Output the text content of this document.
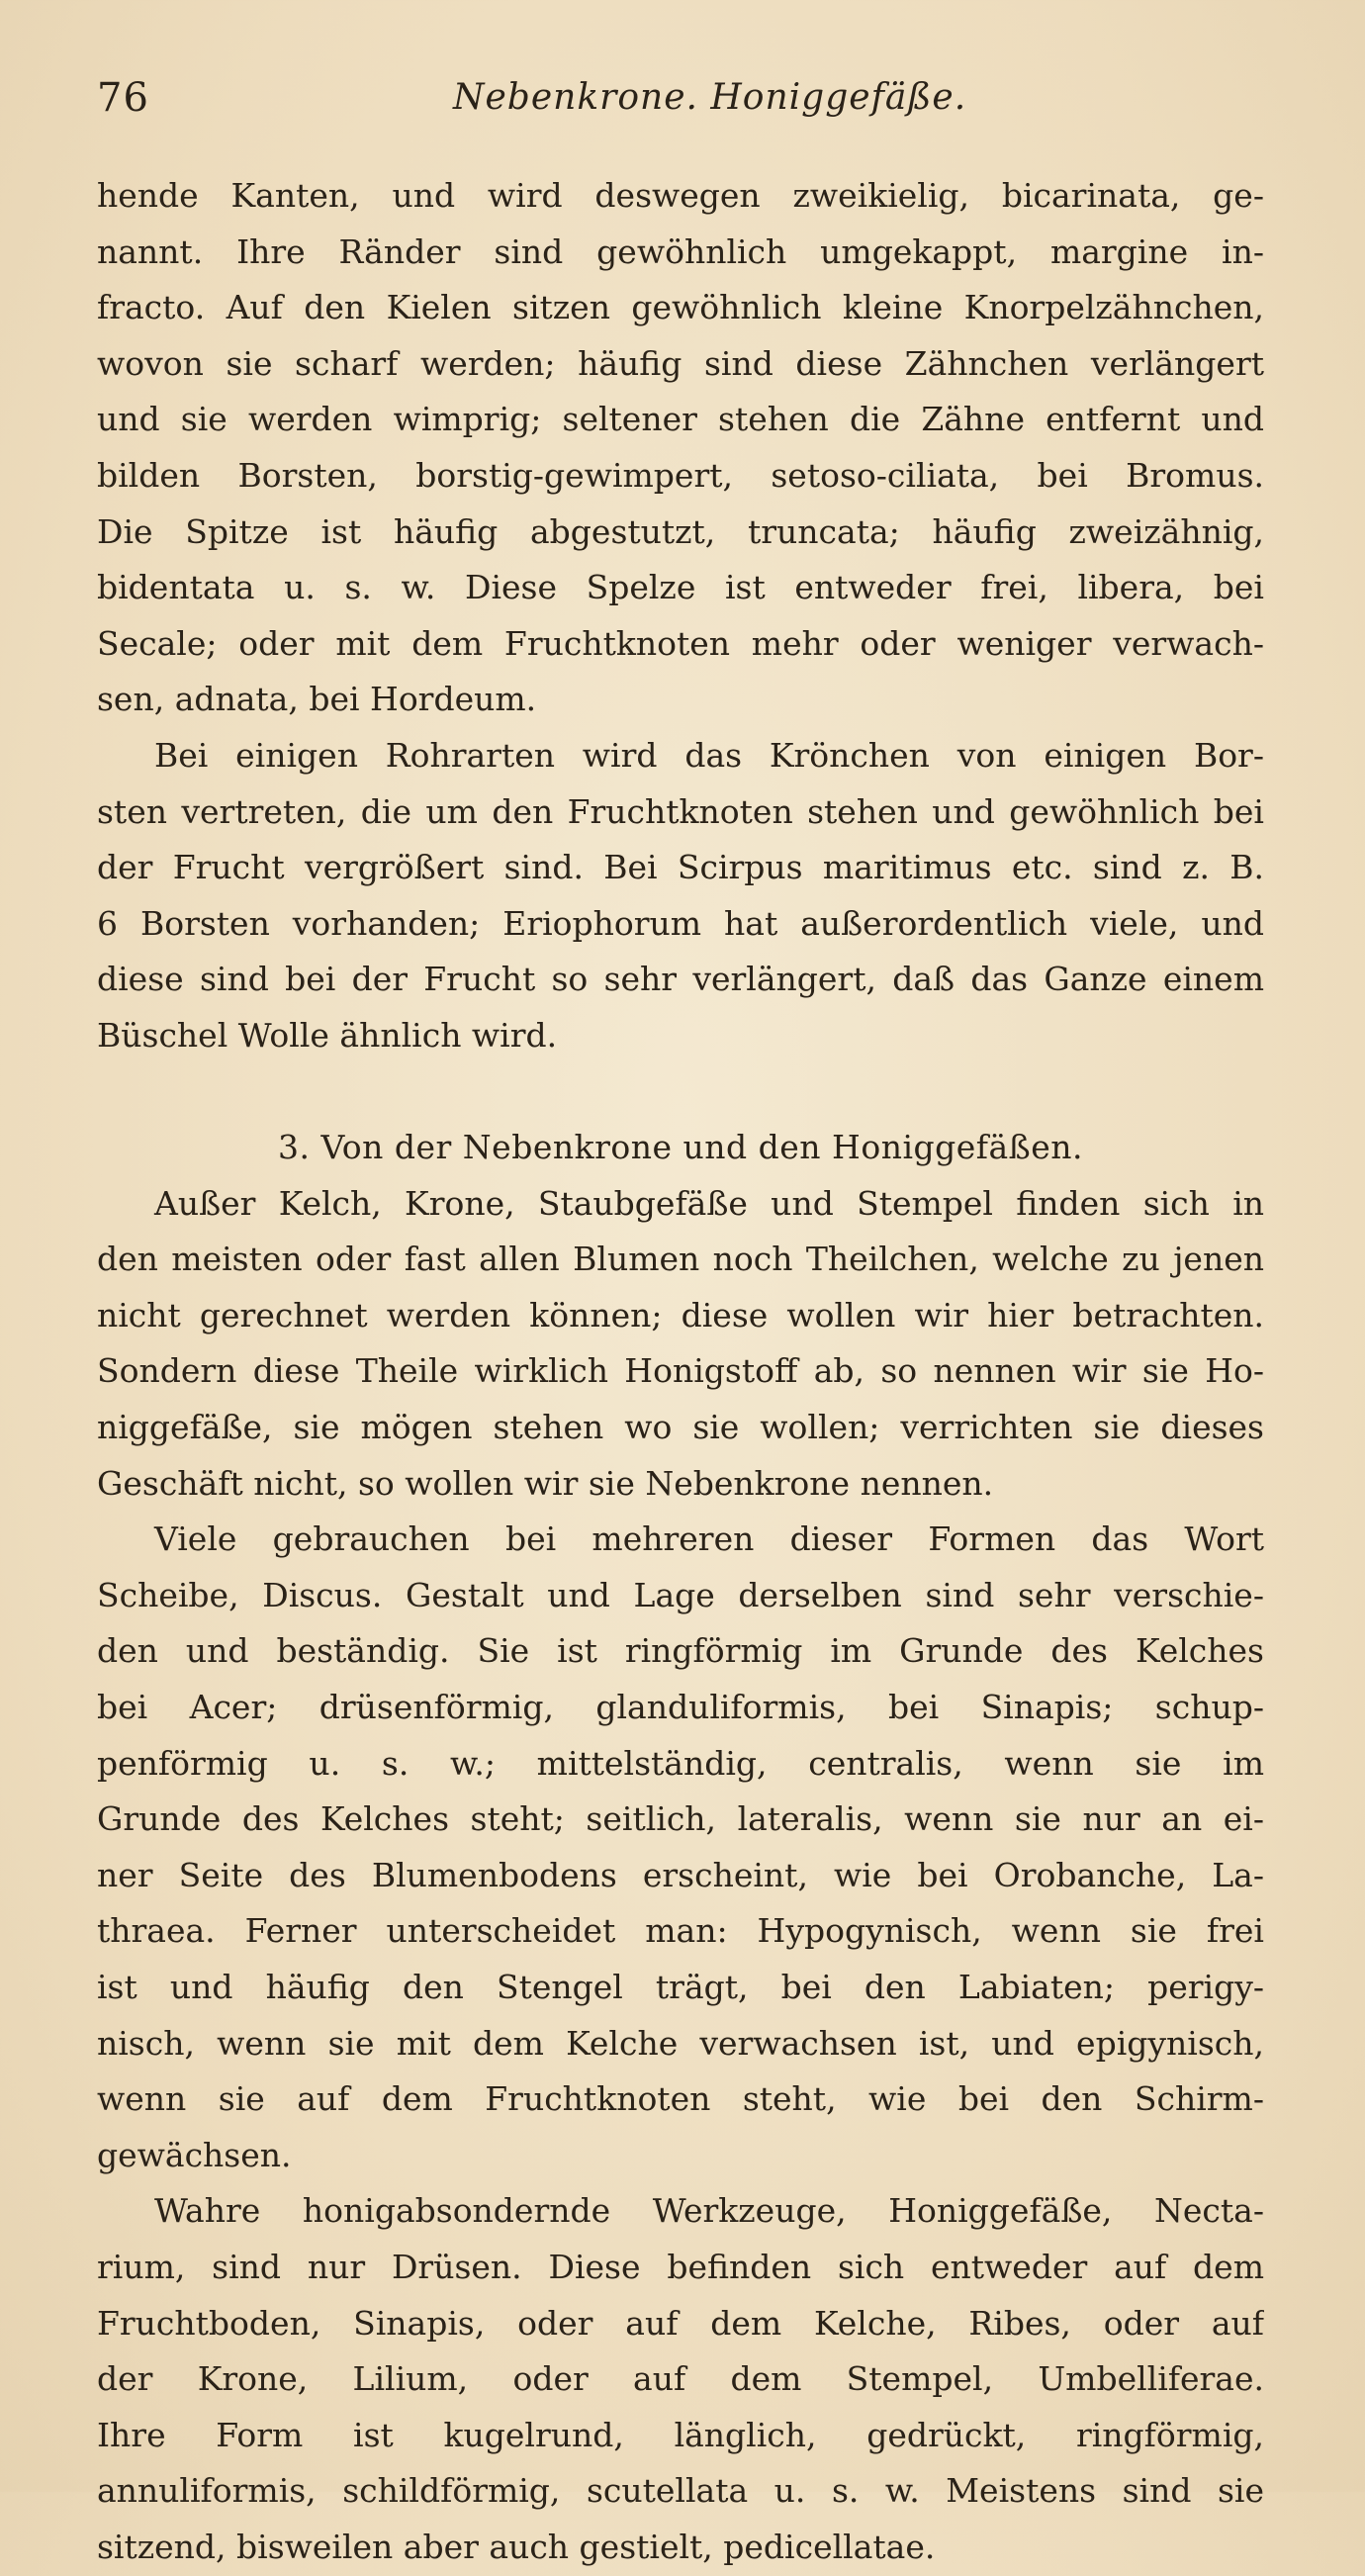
76	Nebenkrone. Honiggefäße.
hende Kanten, und wird deswegen zweikielig, bicarinata, ge-
nannt. Ihre Ränder sind gewöhnlich umgekappt, margine in-
fracto. Auf den Kielen sitzen gewöhnlich kleine Knorpelzähnchen,
wovon sie scharf werden; häufig sind diese Zähnchen verlängert
und sie werden wimprig; seltener stehen die Zähne entfernt und
bilden Borsten, borstig-gewimpert, setoso-ciliata, bei Bromus.
Die Spitze ist häufig abgestutzt, truncata; häufig zweizähnig,
bidentata u. s. w. Diese Spelze ist entweder frei, libera, bei
Secale; oder mit dem Fruchtknoten mehr oder weniger verwach-
sen, adnata, bei Hordeum.
Bei einigen Rohrarten wird das Krönchen von einigen Bor-
sten vertreten, die um den Fruchtknoten stehen und gewöhnlich bei
der Frucht vergrößert sind. Bei Scirpus maritimus etc. sind z. B.
6 Borsten vorhanden; Eriophorum hat außerordentlich viele, und
diese sind bei der Frucht so sehr verlängert, daß das Ganze einem
Büschel Wolle ähnlich wird.
3. Von der Nebenkrone und den Honiggefäßen.
Außer Kelch, Krone, Staubgefäße und Stempel finden sich in
den meisten oder fast allen Blumen noch Theilchen, welche zu jenen
nicht gerechnet werden können; diese wollen wir hier betrachten.
Sondern diese Theile wirklich Honigstoff ab, so nennen wir sie Ho-
niggefäße, sie mögen stehen wo sie wollen; verrichten sie dieses
Geschäft nicht, so wollen wir sie Nebenkrone nennen.
Viele gebrauchen bei mehreren dieser Formen das Wort
Scheibe, Discus. Gestalt und Lage derselben sind sehr verschie-
den und beständig. Sie ist ringförmig im Grunde des Kelches
bei Acer; drüsenförmig, glanduliformis, bei Sinapis; schup-
penförmig u. s. w.; mittelständig, centralis, wenn sie im
Grunde des Kelches steht; seitlich, lateralis, wenn sie nur an ei-
ner Seite des Blumenbodens erscheint, wie bei Orobanche, La-
thraea. Ferner unterscheidet man: Hypogynisch, wenn sie frei
ist und häufig den Stengel trägt, bei den Labiaten; perigy-
nisch, wenn sie mit dem Kelche verwachsen ist, und epigynisch,
wenn sie auf dem Fruchtknoten steht, wie bei den Schirm-
gewächsen.
Wahre honigabsondernde Werkzeuge, Honiggefäße, Necta-
rium, sind nur Drüsen. Diese befinden sich entweder auf dem
Fruchtboden, Sinapis, oder auf dem Kelche, Ribes, oder auf
der Krone, Lilium, oder auf dem Stempel, Umbelliferae.
Ihre Form ist kugelrund, länglich, gedrückt, ringförmig,
annuliformis, schildförmig, scutellata u. s. w. Meistens sind sie
sitzend, bisweilen aber auch gestielt, pedicellatae.
